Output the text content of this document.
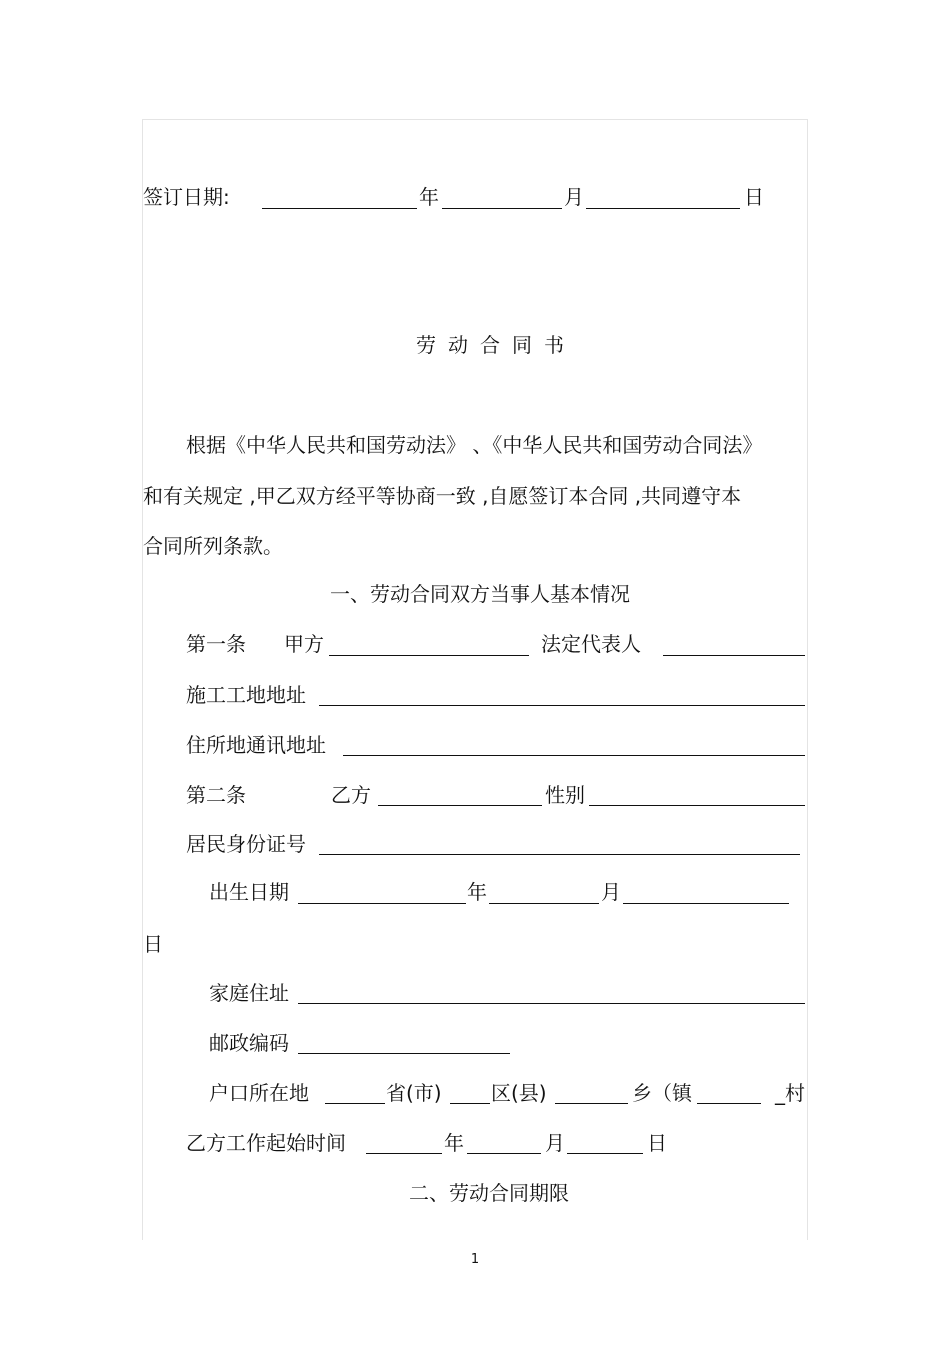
签订日期:	年	月	日
劳动合同书
根据《中华人民共和国劳动法》 、《中华人民共和国劳动合同法》
和有关规定 ,甲乙双方经平等协商一致 ,自愿签订本合同 ,共同遵守本
合同所列条款。
一、劳动合同双方当事人基本情况
第一条 甲方	法定代表人
施工工地地址
住所地通讯地址
第二条	乙方	性别
居民身份证号
出生日期	年	月
日
家庭住址
邮政编码
户口所在地	省(市) 区(县)	乡（镇	_村
乙方工作起始时间	年	月	日
二、劳动合同期限
1
